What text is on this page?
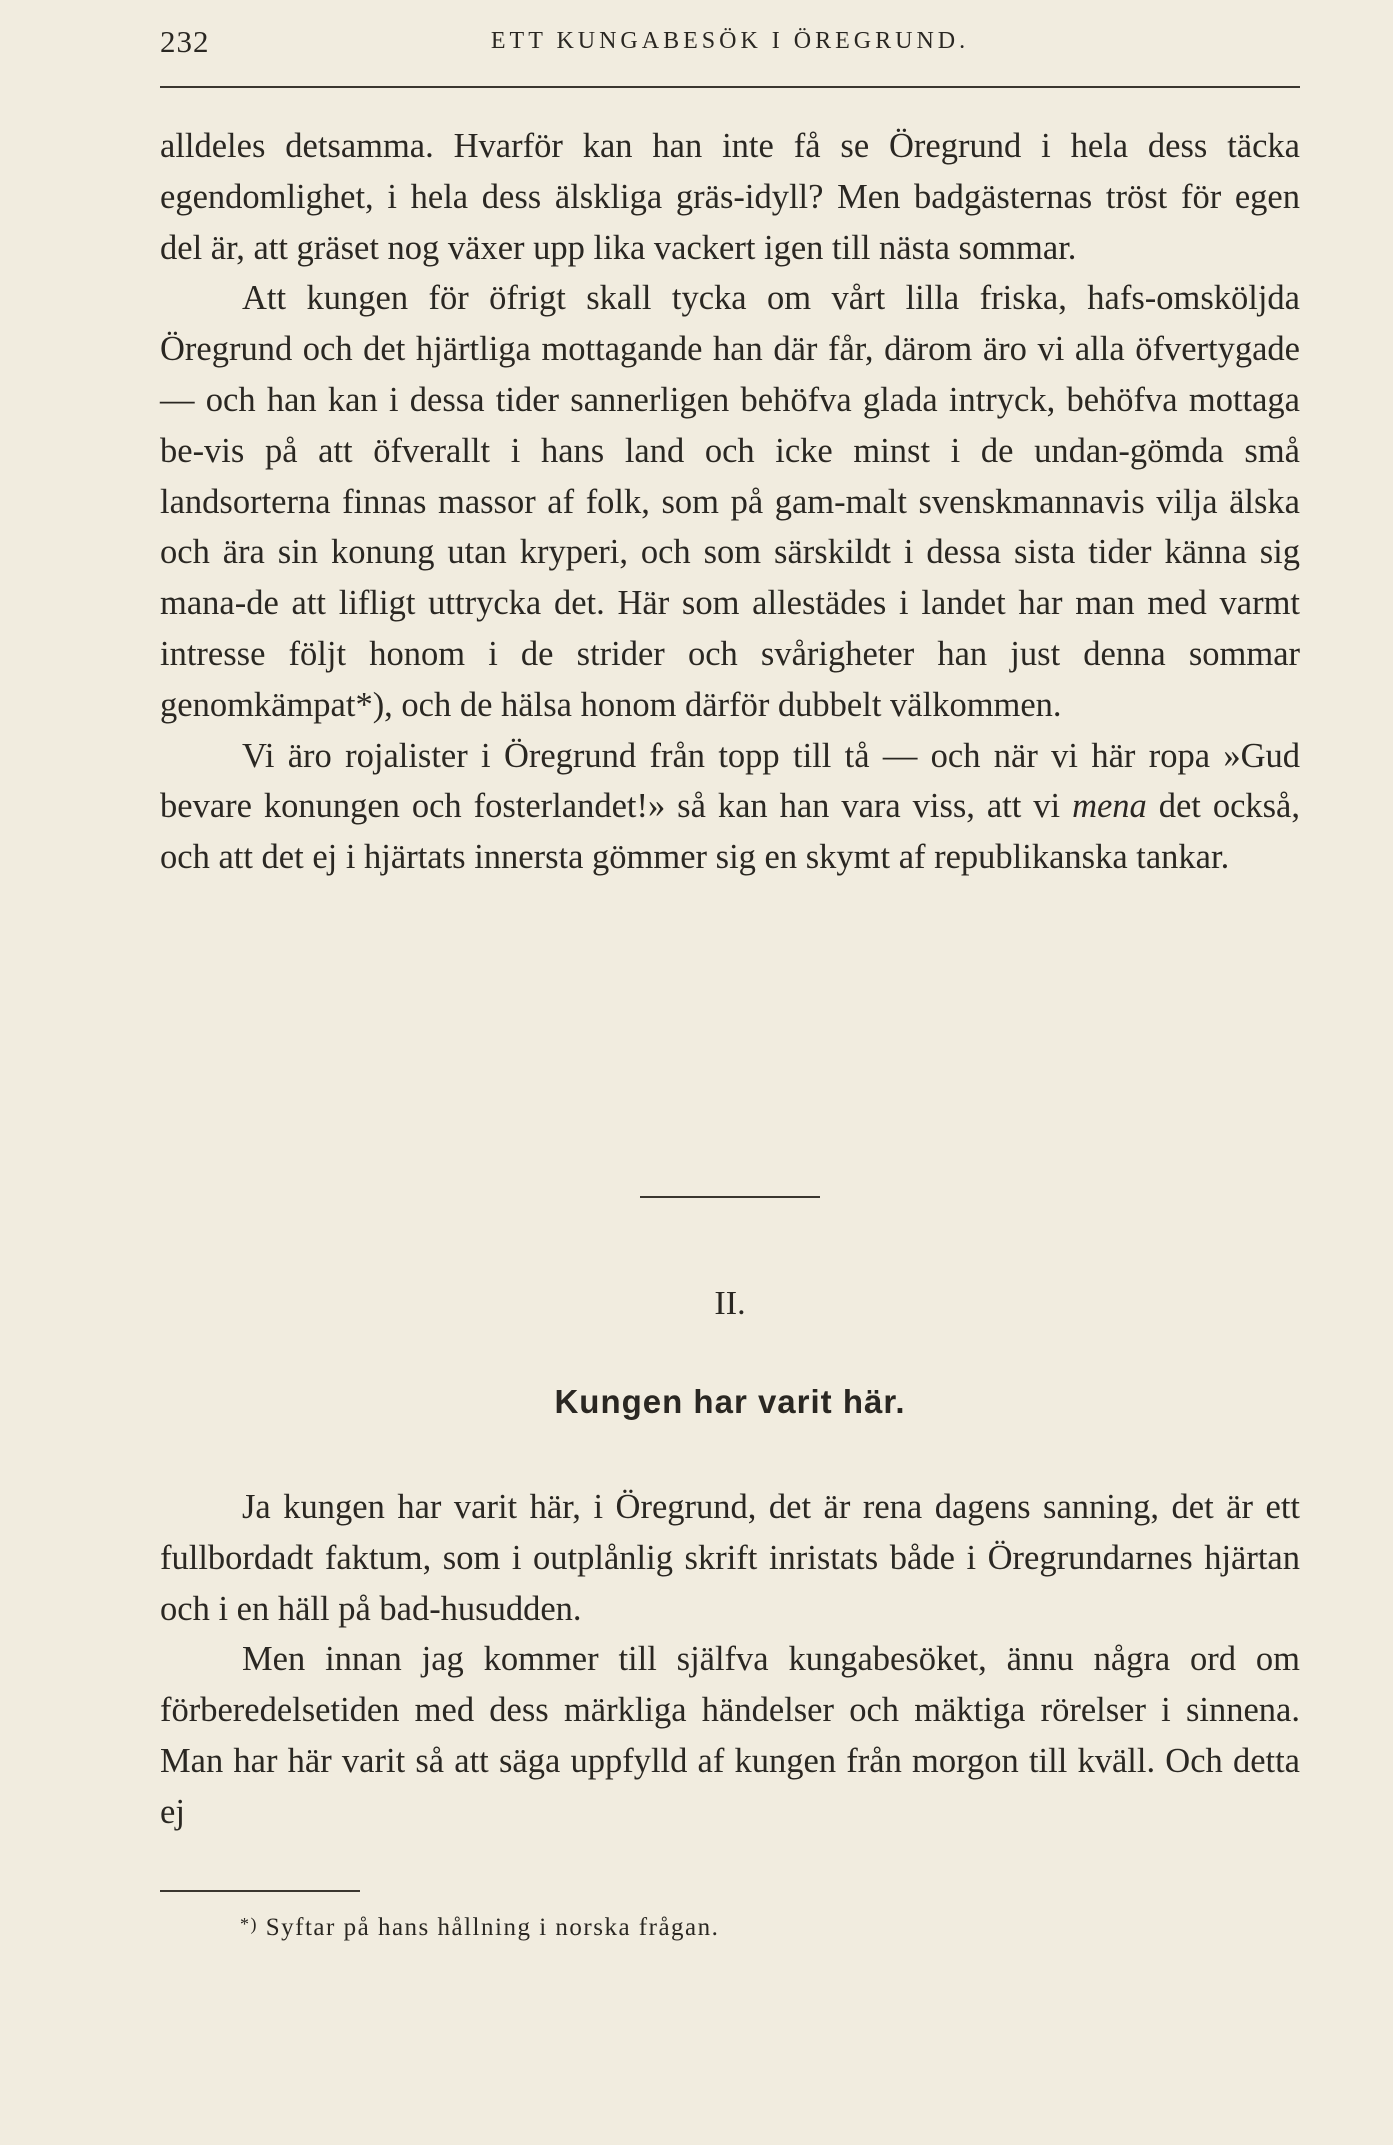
232	ETT KUNGABESÖK I ÖREGRUND.

alldeles detsamma. Hvarför kan han inte få se Öregrund i hela dess täcka egendomlighet, i hela dess älskliga gräs-idyll? Men badgästernas tröst för egen del är, att gräset nog växer upp lika vackert igen till nästa sommar.

Att kungen för öfrigt skall tycka om vårt lilla friska, hafs-omsköljda Öregrund och det hjärtliga mottagande han där får, därom äro vi alla öfvertygade — och han kan i dessa tider sannerligen behöfva glada intryck, behöfva mottaga be-vis på att öfverallt i hans land och icke minst i de undan-gömda små landsorterna finnas massor af folk, som på gam-malt svenskmannavis vilja älska och ära sin konung utan kryperi, och som särskildt i dessa sista tider känna sig mana-de att lifligt uttrycka det. Här som allestädes i landet har man med varmt intresse följt honom i de strider och svårigheter han just denna sommar genomkämpat*), och de hälsa honom därför dubbelt välkommen.

Vi äro rojalister i Öregrund från topp till tå — och när vi här ropa »Gud bevare konungen och fosterlandet!» så kan han vara viss, att vi mena det också, och att det ej i hjärtats innersta gömmer sig en skymt af republikanska tankar.

II.
Kungen har varit här.

Ja kungen har varit här, i Öregrund, det är rena dagens sanning, det är ett fullbordadt faktum, som i outplånlig skrift inristats både i Öregrundarnes hjärtan och i en häll på bad-husudden.

Men innan jag kommer till själfva kungabesöket, ännu några ord om förberedelsetiden med dess märkliga händelser och mäktiga rörelser i sinnena. Man har här varit så att säga uppfylld af kungen från morgon till kväll. Och detta ej

*) Syftar på hans hållning i norska frågan.
